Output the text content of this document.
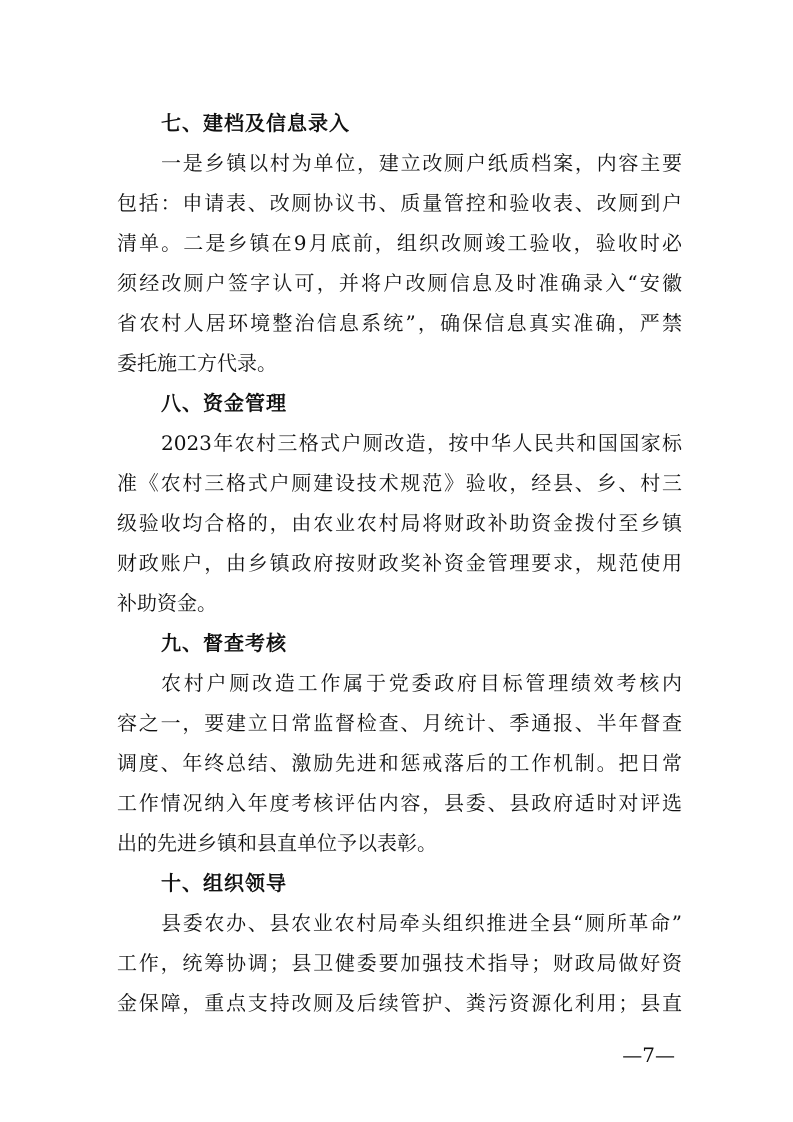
七、建档及信息录入
一是乡镇以村为单位，建立改厕户纸质档案，内容主要
包括：申请表、改厕协议书、质量管控和验收表、改厕到户
清单。二是乡镇在9月底前，组织改厕竣工验收，验收时必
须经改厕户签字认可，并将户改厕信息及时准确录入“安徽
省农村人居环境整治信息系统”，确保信息真实准确，严禁
委托施工方代录。
八、资金管理
2023年农村三格式户厕改造，按中华人民共和国国家标
准《农村三格式户厕建设技术规范》验收，经县、乡、村三
级验收均合格的，由农业农村局将财政补助资金拨付至乡镇
财政账户，由乡镇政府按财政奖补资金管理要求，规范使用
补助资金。
九、督查考核
农村户厕改造工作属于党委政府目标管理绩效考核内
容之一，要建立日常监督检查、月统计、季通报、半年督查
调度、年终总结、激励先进和惩戒落后的工作机制。把日常
工作情况纳入年度考核评估内容，县委、县政府适时对评选
出的先进乡镇和县直单位予以表彰。
十、组织领导
县委农办、县农业农村局牵头组织推进全县“厕所革命”
工作，统筹协调；县卫健委要加强技术指导；财政局做好资
金保障，重点支持改厕及后续管护、粪污资源化利用；县直
—7—
